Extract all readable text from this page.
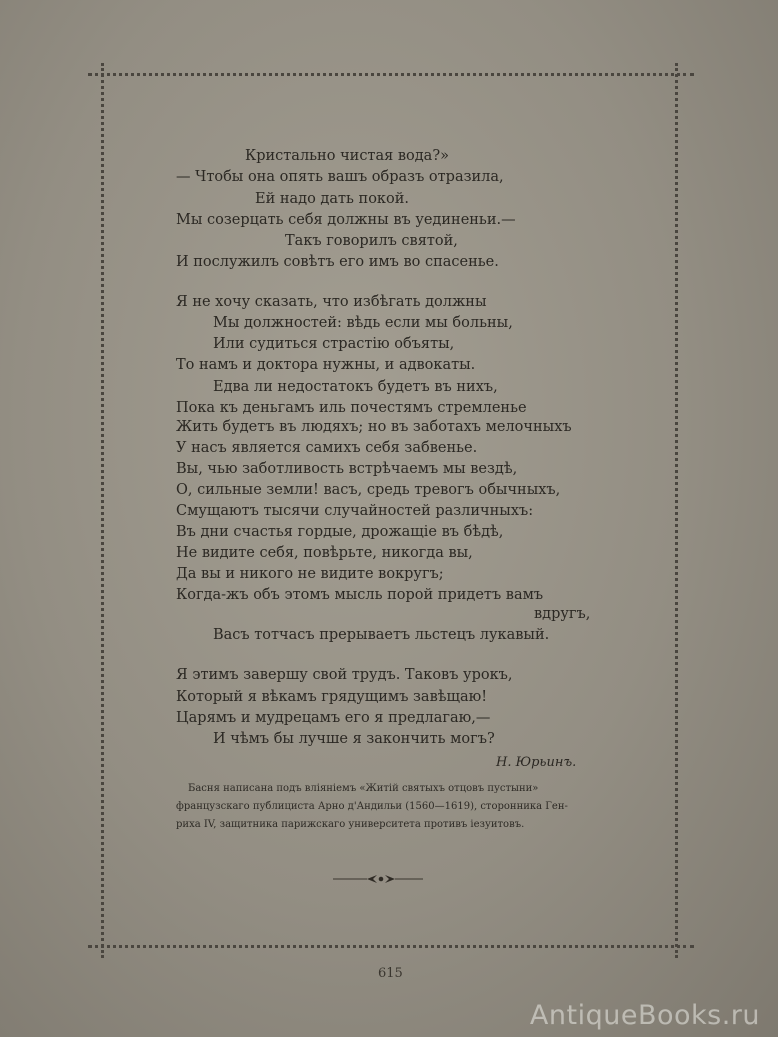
Кристально чистая вода?»
— Чтобы она опять вашъ образъ отразила,
Ей надо дать покой.
Мы созерцать себя должны въ уединеньи.—
Такъ говорилъ святой,
И послужилъ совѣтъ его имъ во спасенье.
Я не хочу сказать, что избѣгать должны
Мы должностей: вѣдь если мы больны,
Или судиться страстію объяты,
То намъ и доктора нужны, и адвокаты.
Едва ли недостатокъ будетъ въ нихъ,
Пока къ деньгамъ иль почестямъ стремленье
Жить будетъ въ людяхъ; но въ заботахъ мелочныхъ
У насъ является самихъ себя забвенье.
Вы, чью заботливость встрѣчаемъ мы вездѣ,
О, сильные земли! васъ, средь тревогъ обычныхъ,
Смущаютъ тысячи случайностей различныхъ:
Въ дни счастья гордые, дрожащіе въ бѣдѣ,
Не видите себя, повѣрьте, никогда вы,
Да вы и никого не видите вокругъ;
Когда-жъ объ этомъ мысль порой придетъ вамъ
вдругъ,
Васъ тотчасъ прерываетъ льстецъ лукавый.
Я этимъ завершу свой трудъ. Таковъ урокъ,
Который я вѣкамъ грядущимъ завѣщаю!
Царямъ и мудрецамъ его я предлагаю,—
И чѣмъ бы лучше я закончить могъ?
Н. Юрьинъ.
Басня написана подъ вліяніемъ «Житій святыхъ отцовъ пустыни»
французскаго публициста Арно д'Андильи (1560—1619), сторонника Ген-
риха IV, защитника парижскаго университета противъ іезуитовъ.
615
AntiqueBooks.ru
